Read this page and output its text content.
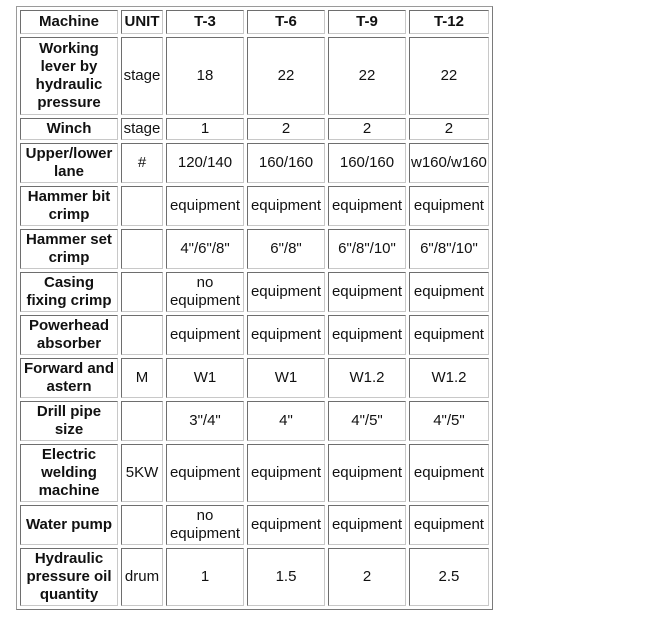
Machine	UNIT	T-3	T-6	T-9	T-12
Working lever by hydraulic pressure	stage	18	22	22	22
Winch	stage	1	2	2	2
Upper/lower lane	#	120/140	160/160	160/160	w160/w160
Hammer bit crimp		equipment	equipment	equipment	equipment
Hammer set crimp		4"/6"/8"	6"/8"	6"/8"/10"	6"/8"/10"
Casing fixing crimp		no equipment	equipment	equipment	equipment
Powerhead absorber		equipment	equipment	equipment	equipment
Forward and astern	M	W1	W1	W1.2	W1.2
Drill pipe size		3"/4"	4"	4"/5"	4"/5"
Electric welding machine	5KW	equipment	equipment	equipment	equipment
Water pump		no equipment	equipment	equipment	equipment
Hydraulic pressure oil quantity	drum	1	1.5	2	2.5
